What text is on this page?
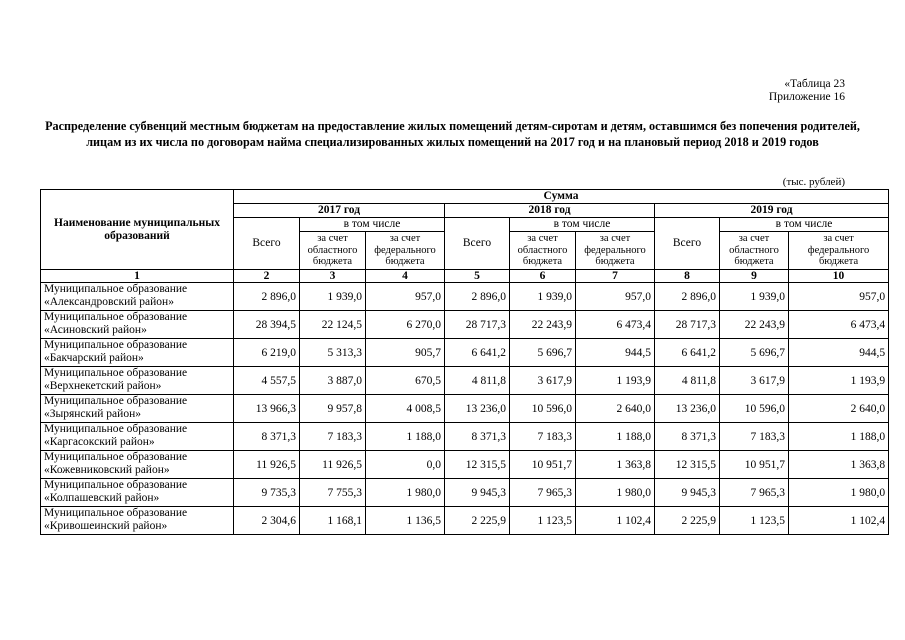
«Таблица 23
Приложение 16
Распределение субвенций местным бюджетам на предоставление жилых помещений детям-сиротам и детям, оставшимся без попечения родителей, лицам из их числа по договорам найма специализированных жилых помещений на 2017 год и на плановый период 2018 и 2019 годов
(тыс. рублей)
Наименование муниципальных образований	Сумма								
	2017 год			2018 год			2019 год		
	Всего	в том числе		Всего	в том числе		Всего	в том числе	
		за счет областного бюджета	за счет федерального бюджета		за счет областного бюджета	за счет федерального бюджета		за счет областного бюджета	за счет федерального бюджета
1	2	3	4	5	6	7	8	9	10
Муниципальное образование
«Александровский район»	2 896,0	1 939,0	957,0	2 896,0	1 939,0	957,0	2 896,0	1 939,0	957,0
Муниципальное образование
«Асиновский район»	28 394,5	22 124,5	6 270,0	28 717,3	22 243,9	6 473,4	28 717,3	22 243,9	6 473,4
Муниципальное образование
«Бакчарский район»	6 219,0	5 313,3	905,7	6 641,2	5 696,7	944,5	6 641,2	5 696,7	944,5
Муниципальное образование
«Верхнекетский район»	4 557,5	3 887,0	670,5	4 811,8	3 617,9	1 193,9	4 811,8	3 617,9	1 193,9
Муниципальное образование
«Зырянский район»	13 966,3	9 957,8	4 008,5	13 236,0	10 596,0	2 640,0	13 236,0	10 596,0	2 640,0
Муниципальное образование
«Каргасокский район»	8 371,3	7 183,3	1 188,0	8 371,3	7 183,3	1 188,0	8 371,3	7 183,3	1 188,0
Муниципальное образование
«Кожевниковский район»	11 926,5	11 926,5	0,0	12 315,5	10 951,7	1 363,8	12 315,5	10 951,7	1 363,8
Муниципальное образование
«Колпашевский район»	9 735,3	7 755,3	1 980,0	9 945,3	7 965,3	1 980,0	9 945,3	7 965,3	1 980,0
Муниципальное образование
«Кривошеинский район»	2 304,6	1 168,1	1 136,5	2 225,9	1 123,5	1 102,4	2 225,9	1 123,5	1 102,4
